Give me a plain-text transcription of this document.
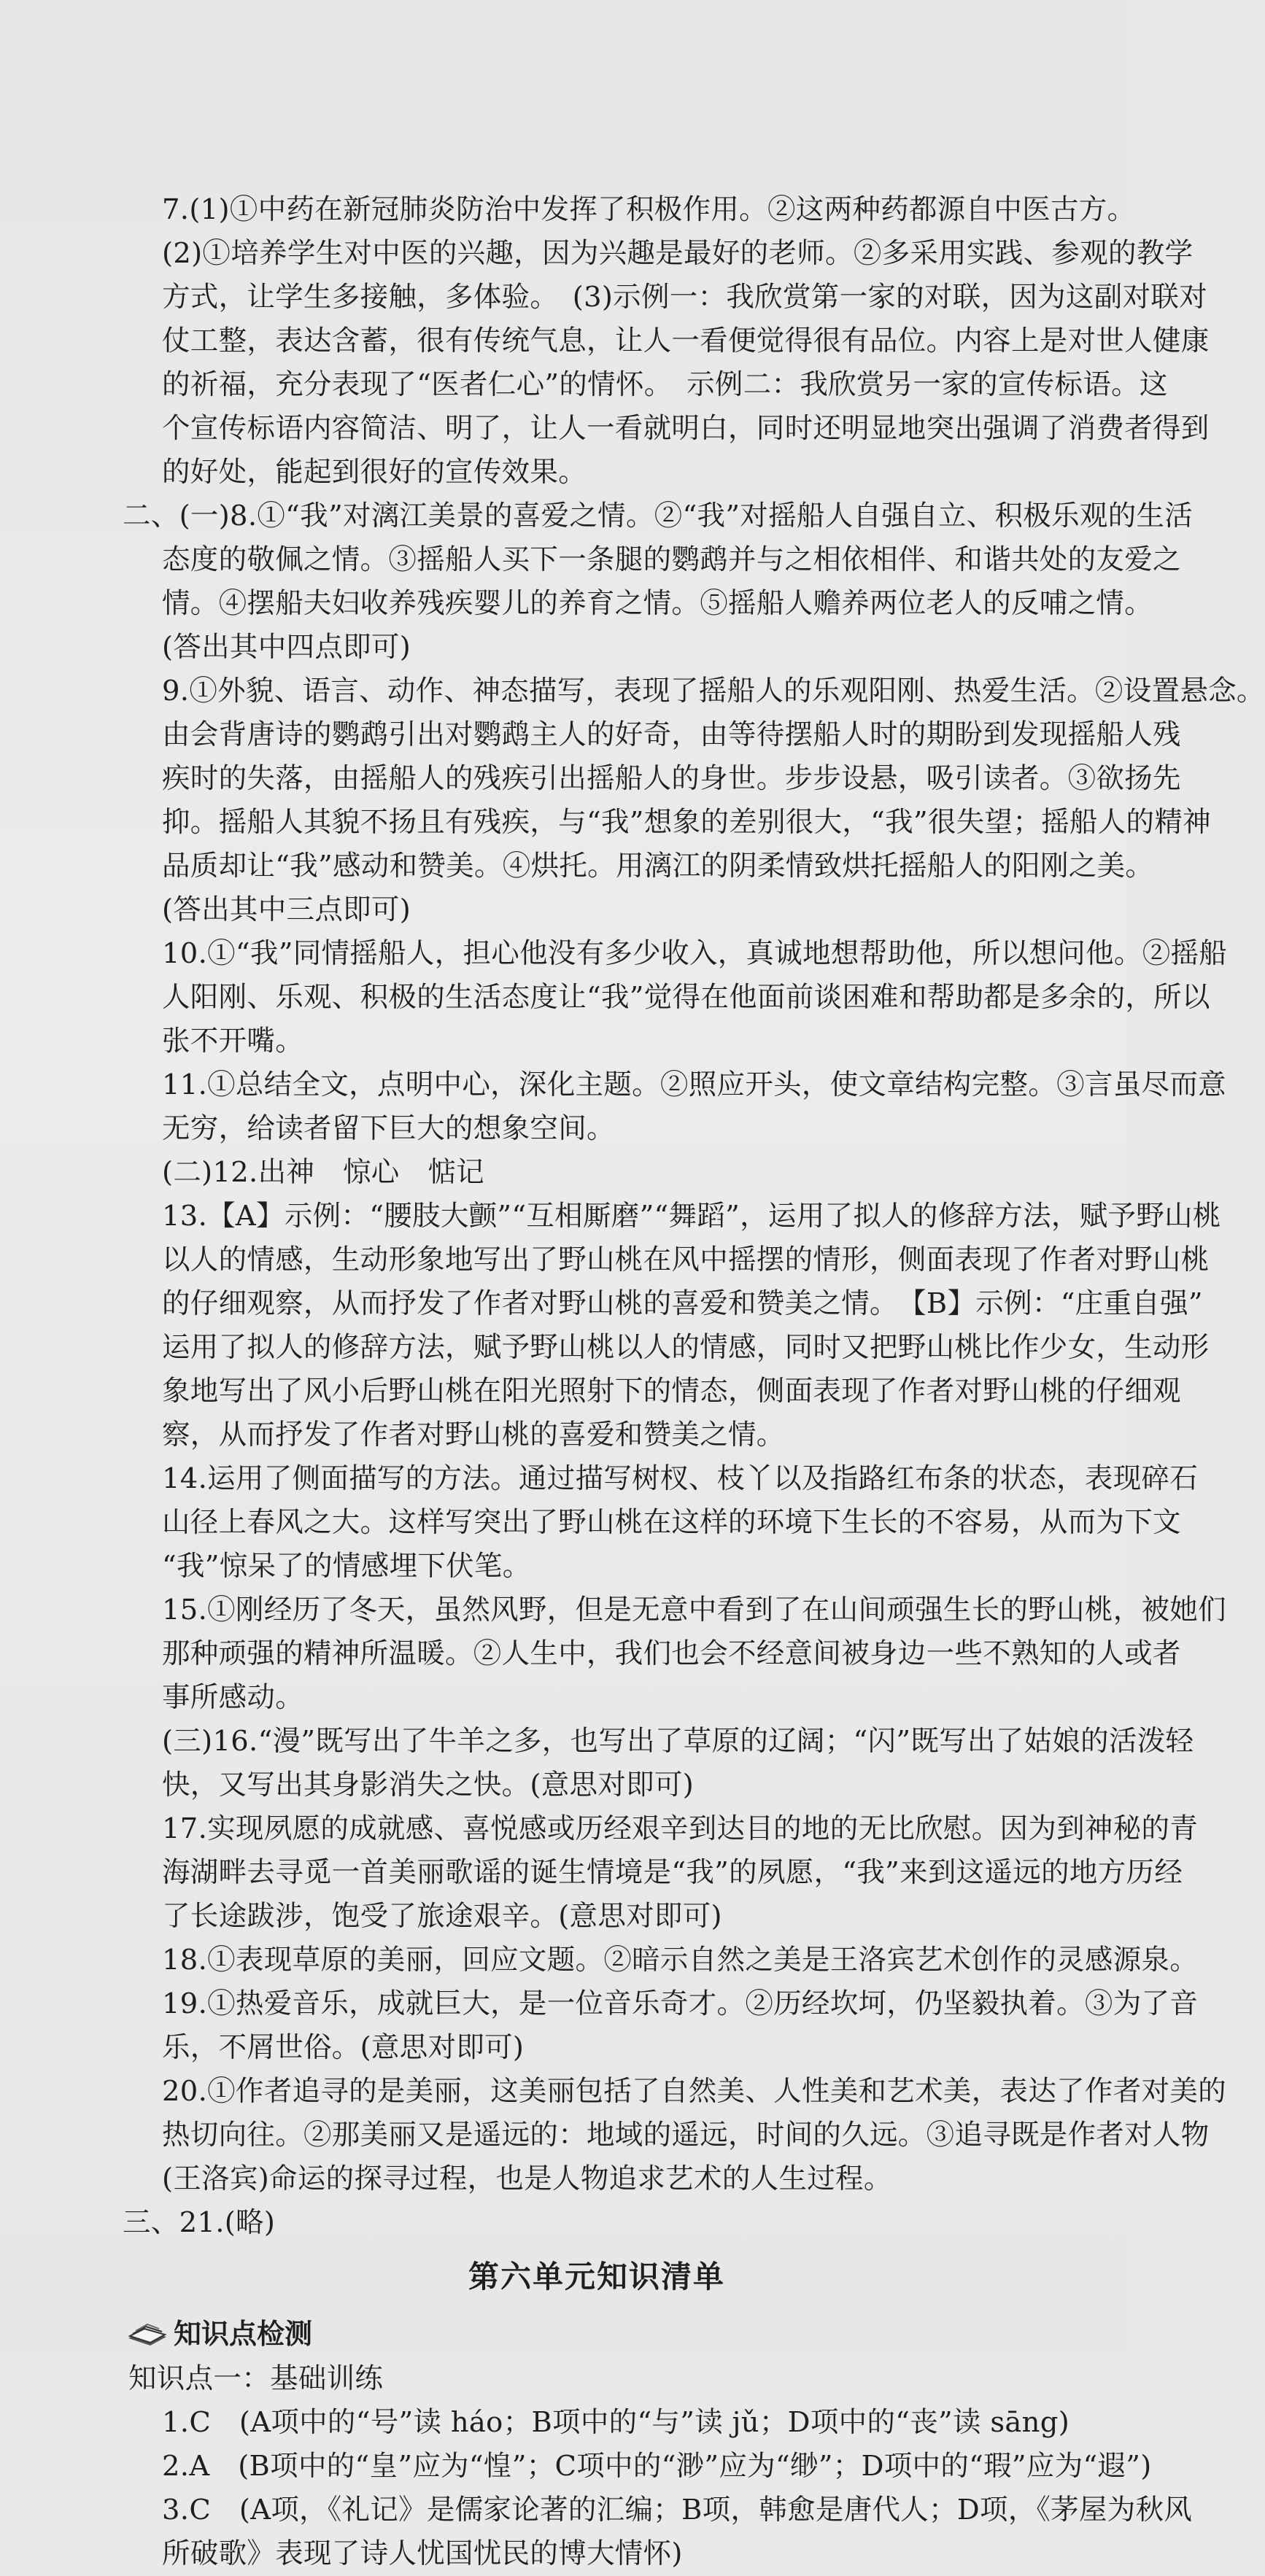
7.(1)①中药在新冠肺炎防治中发挥了积极作用。②这两种药都源自中医古方。

(2)①培养学生对中医的兴趣，因为兴趣是最好的老师。②多采用实践、参观的教学

方式，让学生多接触，多体验。　(3)示例一：我欣赏第一家的对联，因为这副对联对

仗工整，表达含蓄，很有传统气息，让人一看便觉得很有品位。内容上是对世人健康

的祈福，充分表现了“医者仁心”的情怀。　示例二：我欣赏另一家的宣传标语。这

个宣传标语内容简洁、明了，让人一看就明白，同时还明显地突出强调了消费者得到

的好处，能起到很好的宣传效果。

二、(一)8.①“我”对漓江美景的喜爱之情。②“我”对摇船人自强自立、积极乐观的生活

态度的敬佩之情。③摇船人买下一条腿的鹦鹉并与之相依相伴、和谐共处的友爱之

情。④摆船夫妇收养残疾婴儿的养育之情。⑤摇船人赡养两位老人的反哺之情。

(答出其中四点即可)

9.①外貌、语言、动作、神态描写，表现了摇船人的乐观阳刚、热爱生活。②设置悬念。

由会背唐诗的鹦鹉引出对鹦鹉主人的好奇，由等待摆船人时的期盼到发现摇船人残

疾时的失落，由摇船人的残疾引出摇船人的身世。步步设悬，吸引读者。③欲扬先

抑。摇船人其貌不扬且有残疾，与“我”想象的差别很大，“我”很失望；摇船人的精神

品质却让“我”感动和赞美。④烘托。用漓江的阴柔情致烘托摇船人的阳刚之美。

(答出其中三点即可)

10.①“我”同情摇船人，担心他没有多少收入，真诚地想帮助他，所以想问他。②摇船

人阳刚、乐观、积极的生活态度让“我”觉得在他面前谈困难和帮助都是多余的，所以

张不开嘴。

11.①总结全文，点明中心，深化主题。②照应开头，使文章结构完整。③言虽尽而意

无穷，给读者留下巨大的想象空间。

(二)12.出神　惊心　惦记

13.【A】示例：“腰肢大颤”“互相厮磨”“舞蹈”，运用了拟人的修辞方法，赋予野山桃

以人的情感，生动形象地写出了野山桃在风中摇摆的情形，侧面表现了作者对野山桃

的仔细观察，从而抒发了作者对野山桃的喜爱和赞美之情。　【B】示例：“庄重自强”

运用了拟人的修辞方法，赋予野山桃以人的情感，同时又把野山桃比作少女，生动形

象地写出了风小后野山桃在阳光照射下的情态，侧面表现了作者对野山桃的仔细观

察，从而抒发了作者对野山桃的喜爱和赞美之情。

14.运用了侧面描写的方法。通过描写树杈、枝丫以及指路红布条的状态，表现碎石

山径上春风之大。这样写突出了野山桃在这样的环境下生长的不容易，从而为下文

“我”惊呆了的情感埋下伏笔。

15.①刚经历了冬天，虽然风野，但是无意中看到了在山间顽强生长的野山桃，被她们

那种顽强的精神所温暖。②人生中，我们也会不经意间被身边一些不熟知的人或者

事所感动。

(三)16.“漫”既写出了牛羊之多，也写出了草原的辽阔；“闪”既写出了姑娘的活泼轻

快，又写出其身影消失之快。(意思对即可)

17.实现夙愿的成就感、喜悦感或历经艰辛到达目的地的无比欣慰。因为到神秘的青

海湖畔去寻觅一首美丽歌谣的诞生情境是“我”的夙愿，“我”来到这遥远的地方历经

了长途跋涉，饱受了旅途艰辛。(意思对即可)

18.①表现草原的美丽，回应文题。②暗示自然之美是王洛宾艺术创作的灵感源泉。

19.①热爱音乐，成就巨大，是一位音乐奇才。②历经坎坷，仍坚毅执着。③为了音

乐，不屑世俗。(意思对即可)

20.①作者追寻的是美丽，这美丽包括了自然美、人性美和艺术美，表达了作者对美的

热切向往。②那美丽又是遥远的：地域的遥远，时间的久远。③追寻既是作者对人物

(王洛宾)命运的探寻过程，也是人物追求艺术的人生过程。

三、21.(略)

第六单元知识清单
知识点检测

知识点一：基础训练

1.C　(A项中的“号”读 háo；B项中的“与”读 jǔ；D项中的“丧”读 sāng)

2.A　(B项中的“皇”应为“惶”；C项中的“渺”应为“缈”；D项中的“瑕”应为“遐”)

3.C　(A项，《礼记》是儒家论著的汇编；B项，韩愈是唐代人；D项，《茅屋为秋风

所破歌》表现了诗人忧国忧民的博大情怀)
